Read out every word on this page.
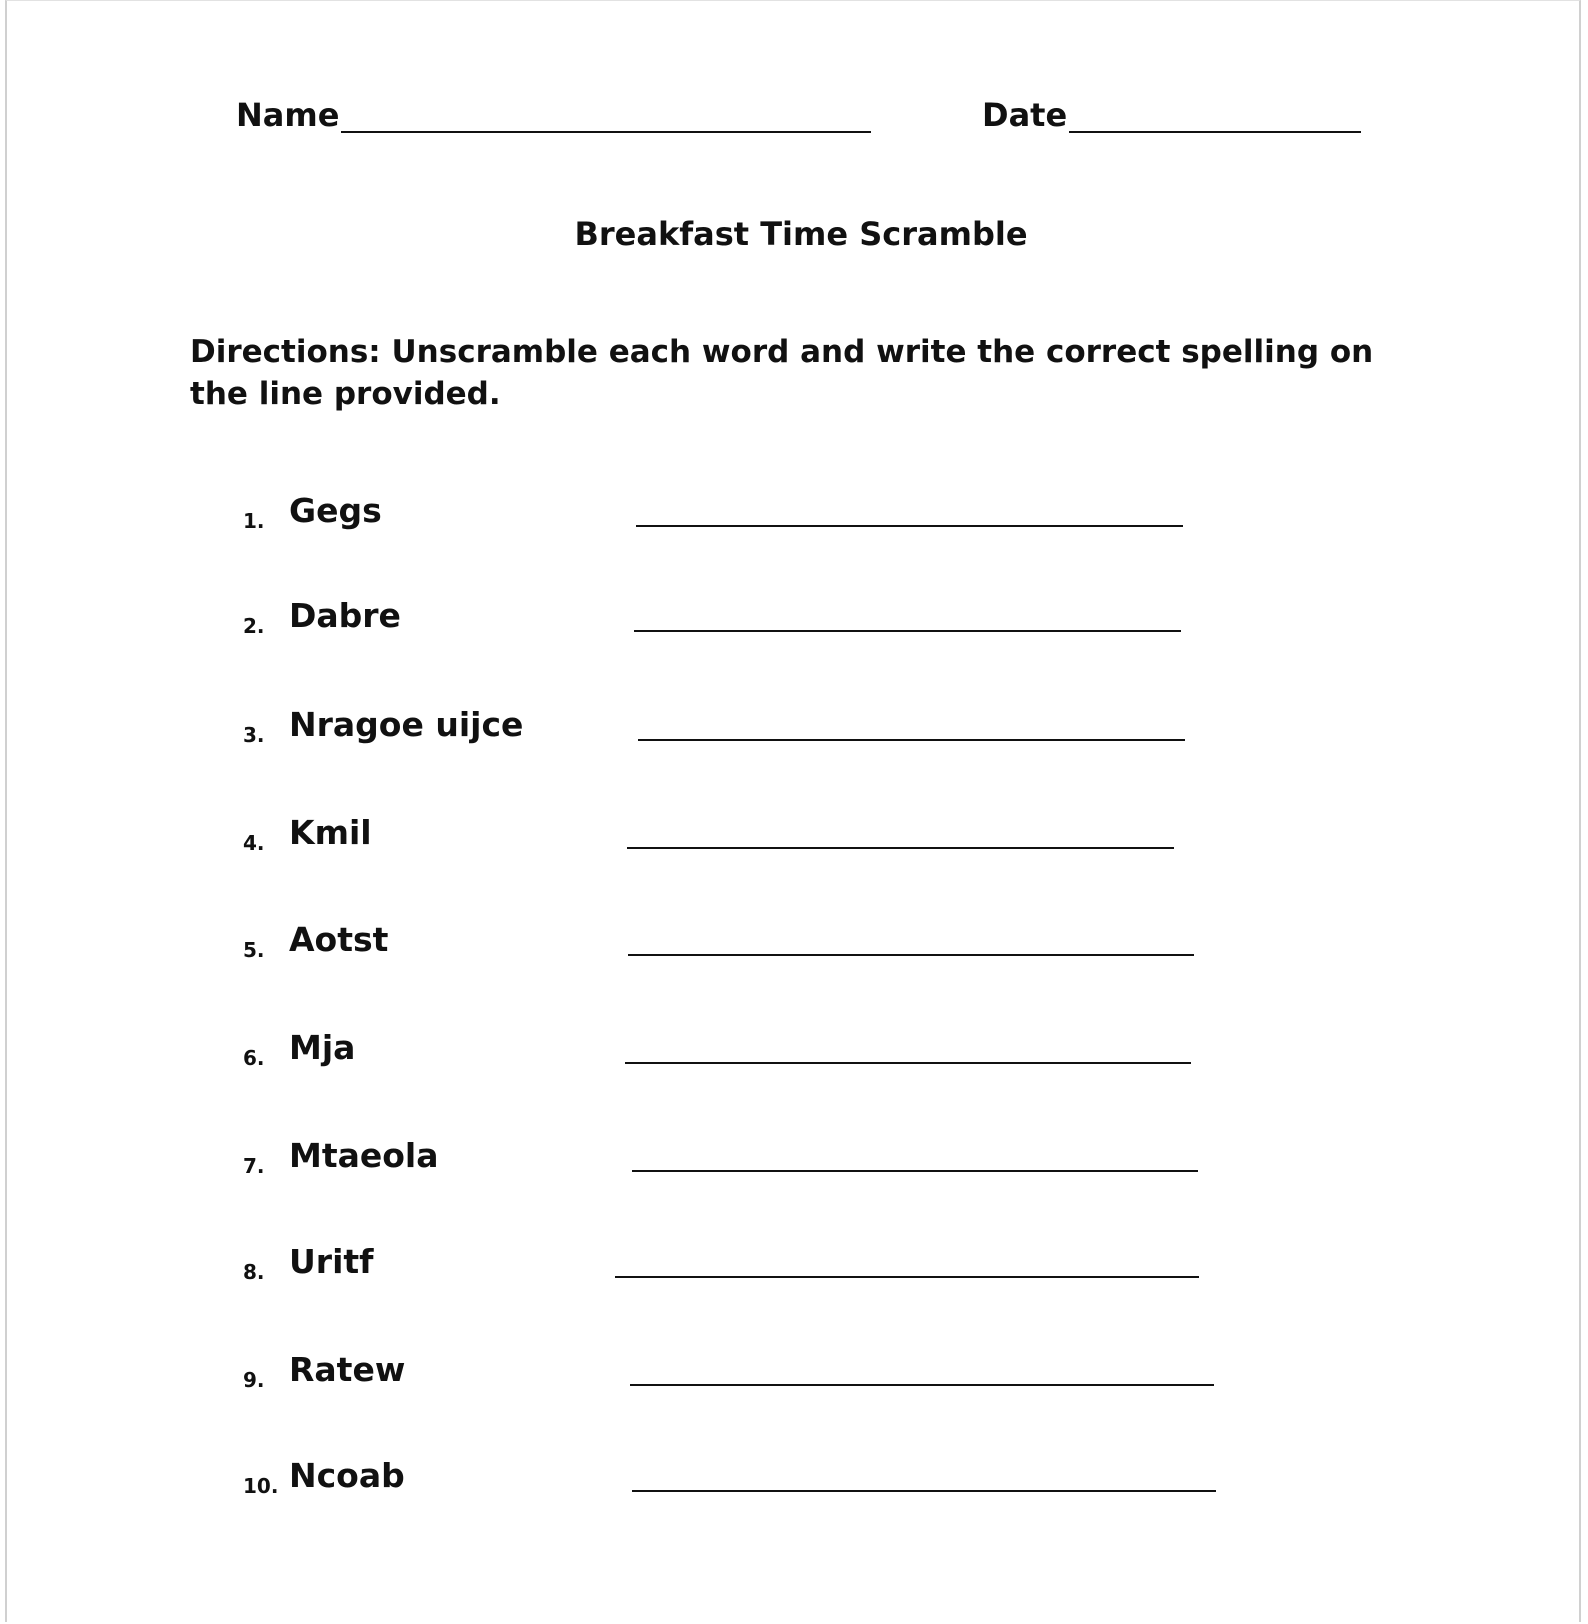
Name	Date
Breakfast Time Scramble
Directions: Unscramble each word and write the correct spelling on the line provided.
1. Gegs
2. Dabre
3. Nragoe uijce
4. Kmil
5. Aotst
6. Mja
7. Mtaeola
8. Uritf
9. Ratew
10. Ncoab
